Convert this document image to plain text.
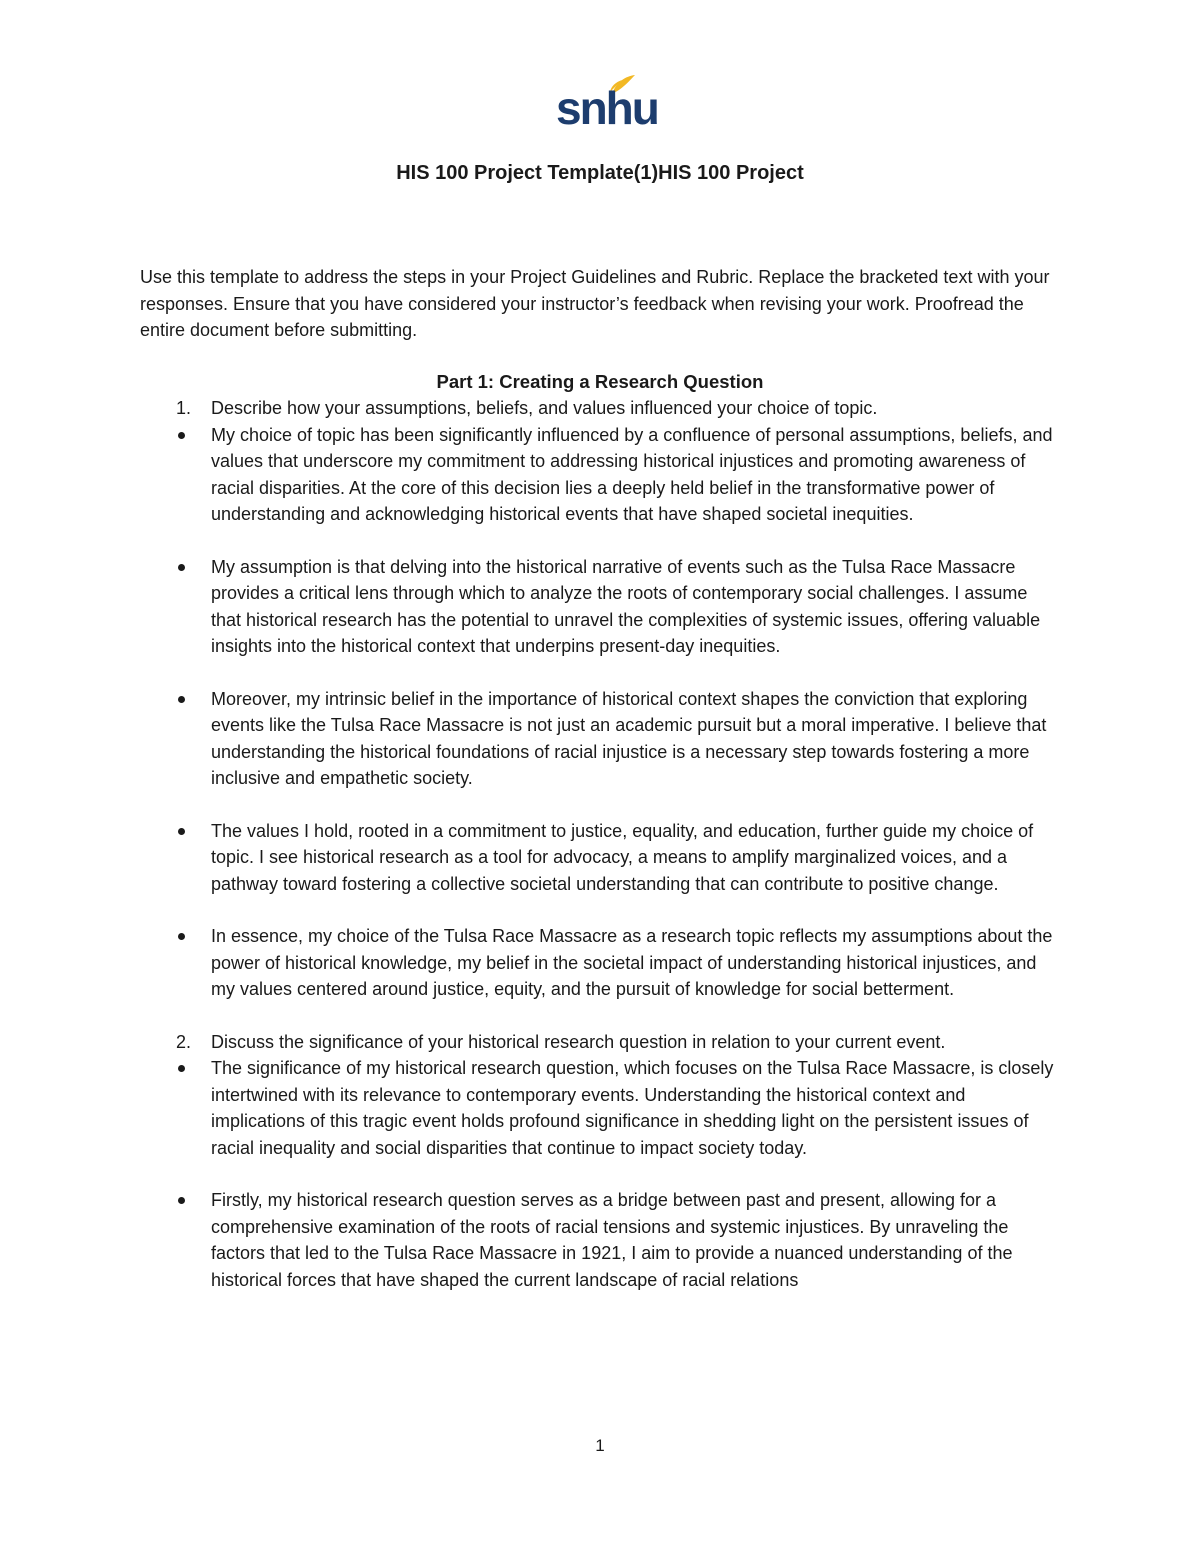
snhu
HIS 100 Project Template(1)HIS 100 Project

Use this template to address the steps in your Project Guidelines and Rubric. Replace the bracketed text with your responses. Ensure that you have considered your instructor’s feedback when revising your work. Proofread the entire document before submitting.

Part 1: Creating a Research Question
1. Describe how your assumptions, beliefs, and values influenced your choice of topic.
My choice of topic has been significantly influenced by a confluence of personal assumptions, beliefs, and values that underscore my commitment to addressing historical injustices and promoting awareness of racial disparities. At the core of this decision lies a deeply held belief in the transformative power of understanding and acknowledging historical events that have shaped societal inequities.
My assumption is that delving into the historical narrative of events such as the Tulsa Race Massacre provides a critical lens through which to analyze the roots of contemporary social challenges. I assume that historical research has the potential to unravel the complexities of systemic issues, offering valuable insights into the historical context that underpins present-day inequities.
Moreover, my intrinsic belief in the importance of historical context shapes the conviction that exploring events like the Tulsa Race Massacre is not just an academic pursuit but a moral imperative. I believe that understanding the historical foundations of racial injustice is a necessary step towards fostering a more inclusive and empathetic society.
The values I hold, rooted in a commitment to justice, equality, and education, further guide my choice of topic. I see historical research as a tool for advocacy, a means to amplify marginalized voices, and a pathway toward fostering a collective societal understanding that can contribute to positive change.
In essence, my choice of the Tulsa Race Massacre as a research topic reflects my assumptions about the power of historical knowledge, my belief in the societal impact of understanding historical injustices, and my values centered around justice, equity, and the pursuit of knowledge for social betterment.
2. Discuss the significance of your historical research question in relation to your current event.
The significance of my historical research question, which focuses on the Tulsa Race Massacre, is closely intertwined with its relevance to contemporary events. Understanding the historical context and implications of this tragic event holds profound significance in shedding light on the persistent issues of racial inequality and social disparities that continue to impact society today.
Firstly, my historical research question serves as a bridge between past and present, allowing for a comprehensive examination of the roots of racial tensions and systemic injustices. By unraveling the factors that led to the Tulsa Race Massacre in 1921, I aim to provide a nuanced understanding of the historical forces that have shaped the current landscape of racial relations
1
